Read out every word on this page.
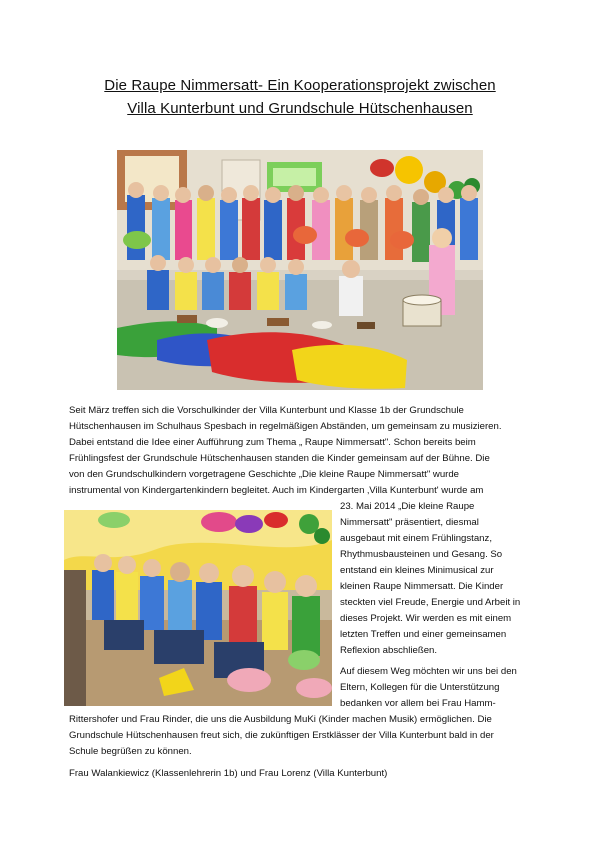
Die Raupe Nimmersatt- Ein Kooperationsprojekt zwischen
Villa Kunterbunt und Grundschule Hütschenhausen
Seit März treffen sich die Vorschulkinder der Villa Kunterbunt und Klasse 1b der Grundschule
Hütschenhausen im Schulhaus Spesbach in regelmäßigen Abständen, um gemeinsam zu musizieren.
Dabei entstand die Idee einer Aufführung zum Thema „ Raupe Nimmersatt". Schon bereits beim
Frühlingsfest der Grundschule Hütschenhausen standen die Kinder gemeinsam auf der Bühne. Die
von den Grundschulkindern vorgetragene Geschichte „Die kleine Raupe Nimmersatt" wurde
instrumental von Kindergartenkindern begleitet. Auch im Kindergarten ‚Villa Kunterbunt' wurde am
23. Mai 2014 „Die kleine Raupe
Nimmersatt" präsentiert, diesmal
ausgebaut mit einem Frühlingstanz,
Rhythmusbausteinen und Gesang. So
entstand ein kleines Minimusical zur
kleinen Raupe Nimmersatt. Die Kinder
steckten viel Freude, Energie und Arbeit in
dieses Projekt. Wir werden es mit einem
letzten Treffen und einer gemeinsamen
Reflexion abschließen.
Auf diesem Weg möchten wir uns bei den
Eltern, Kollegen für die Unterstützung
bedanken vor allem bei Frau Hamm-
Rittershofer und Frau Rinder, die uns die Ausbildung MuKi (Kinder machen Musik) ermöglichen. Die
Grundschule Hütschenhausen freut sich, die zukünftigen Erstklässer der Villa Kunterbunt bald in der
Schule begrüßen zu können.
Frau Walankiewicz (Klassenlehrerin 1b) und Frau Lorenz (Villa Kunterbunt)
